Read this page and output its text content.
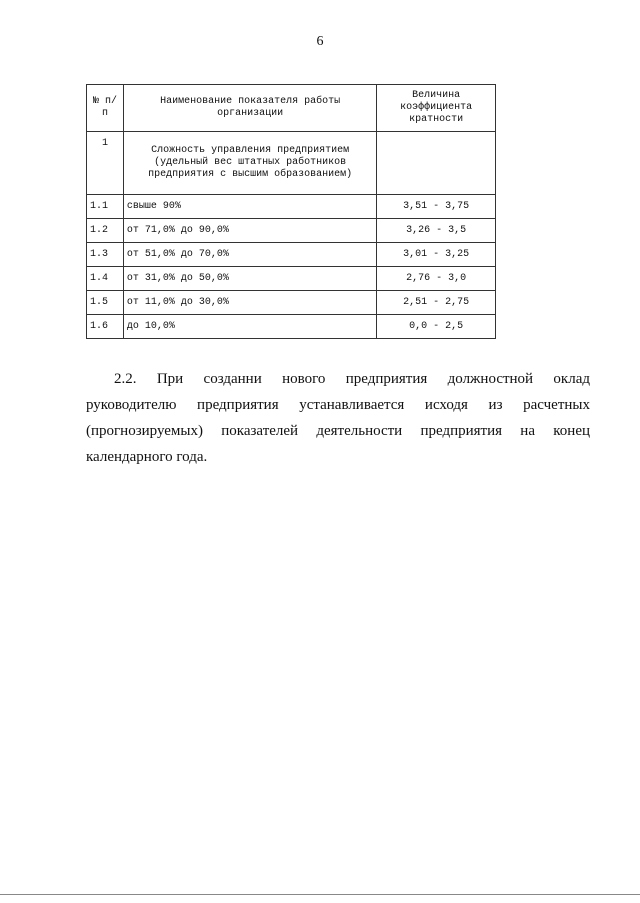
6
№ п/п	Наименование показателя работы организации	Величина коэффициента кратности
1	Сложность управления предприятием (удельный вес штатных работников предприятия с высшим образованием)	
1.1	свыше 90%	3,51 - 3,75
1.2	от 71,0% до 90,0%	3,26 - 3,5
1.3	от 51,0% до 70,0%	3,01 - 3,25
1.4	от 31,0% до 50,0%	2,76 - 3,0
1.5	от 11,0% до 30,0%	2,51 - 2,75
1.6	до 10,0%	0,0 - 2,5
2.2. При созданни нового предприятия должностной оклад
руководителю предприятия устанавливается исходя из расчетных
(прогнозируемых) показателей деятельности предприятия на конец
календарного года.
